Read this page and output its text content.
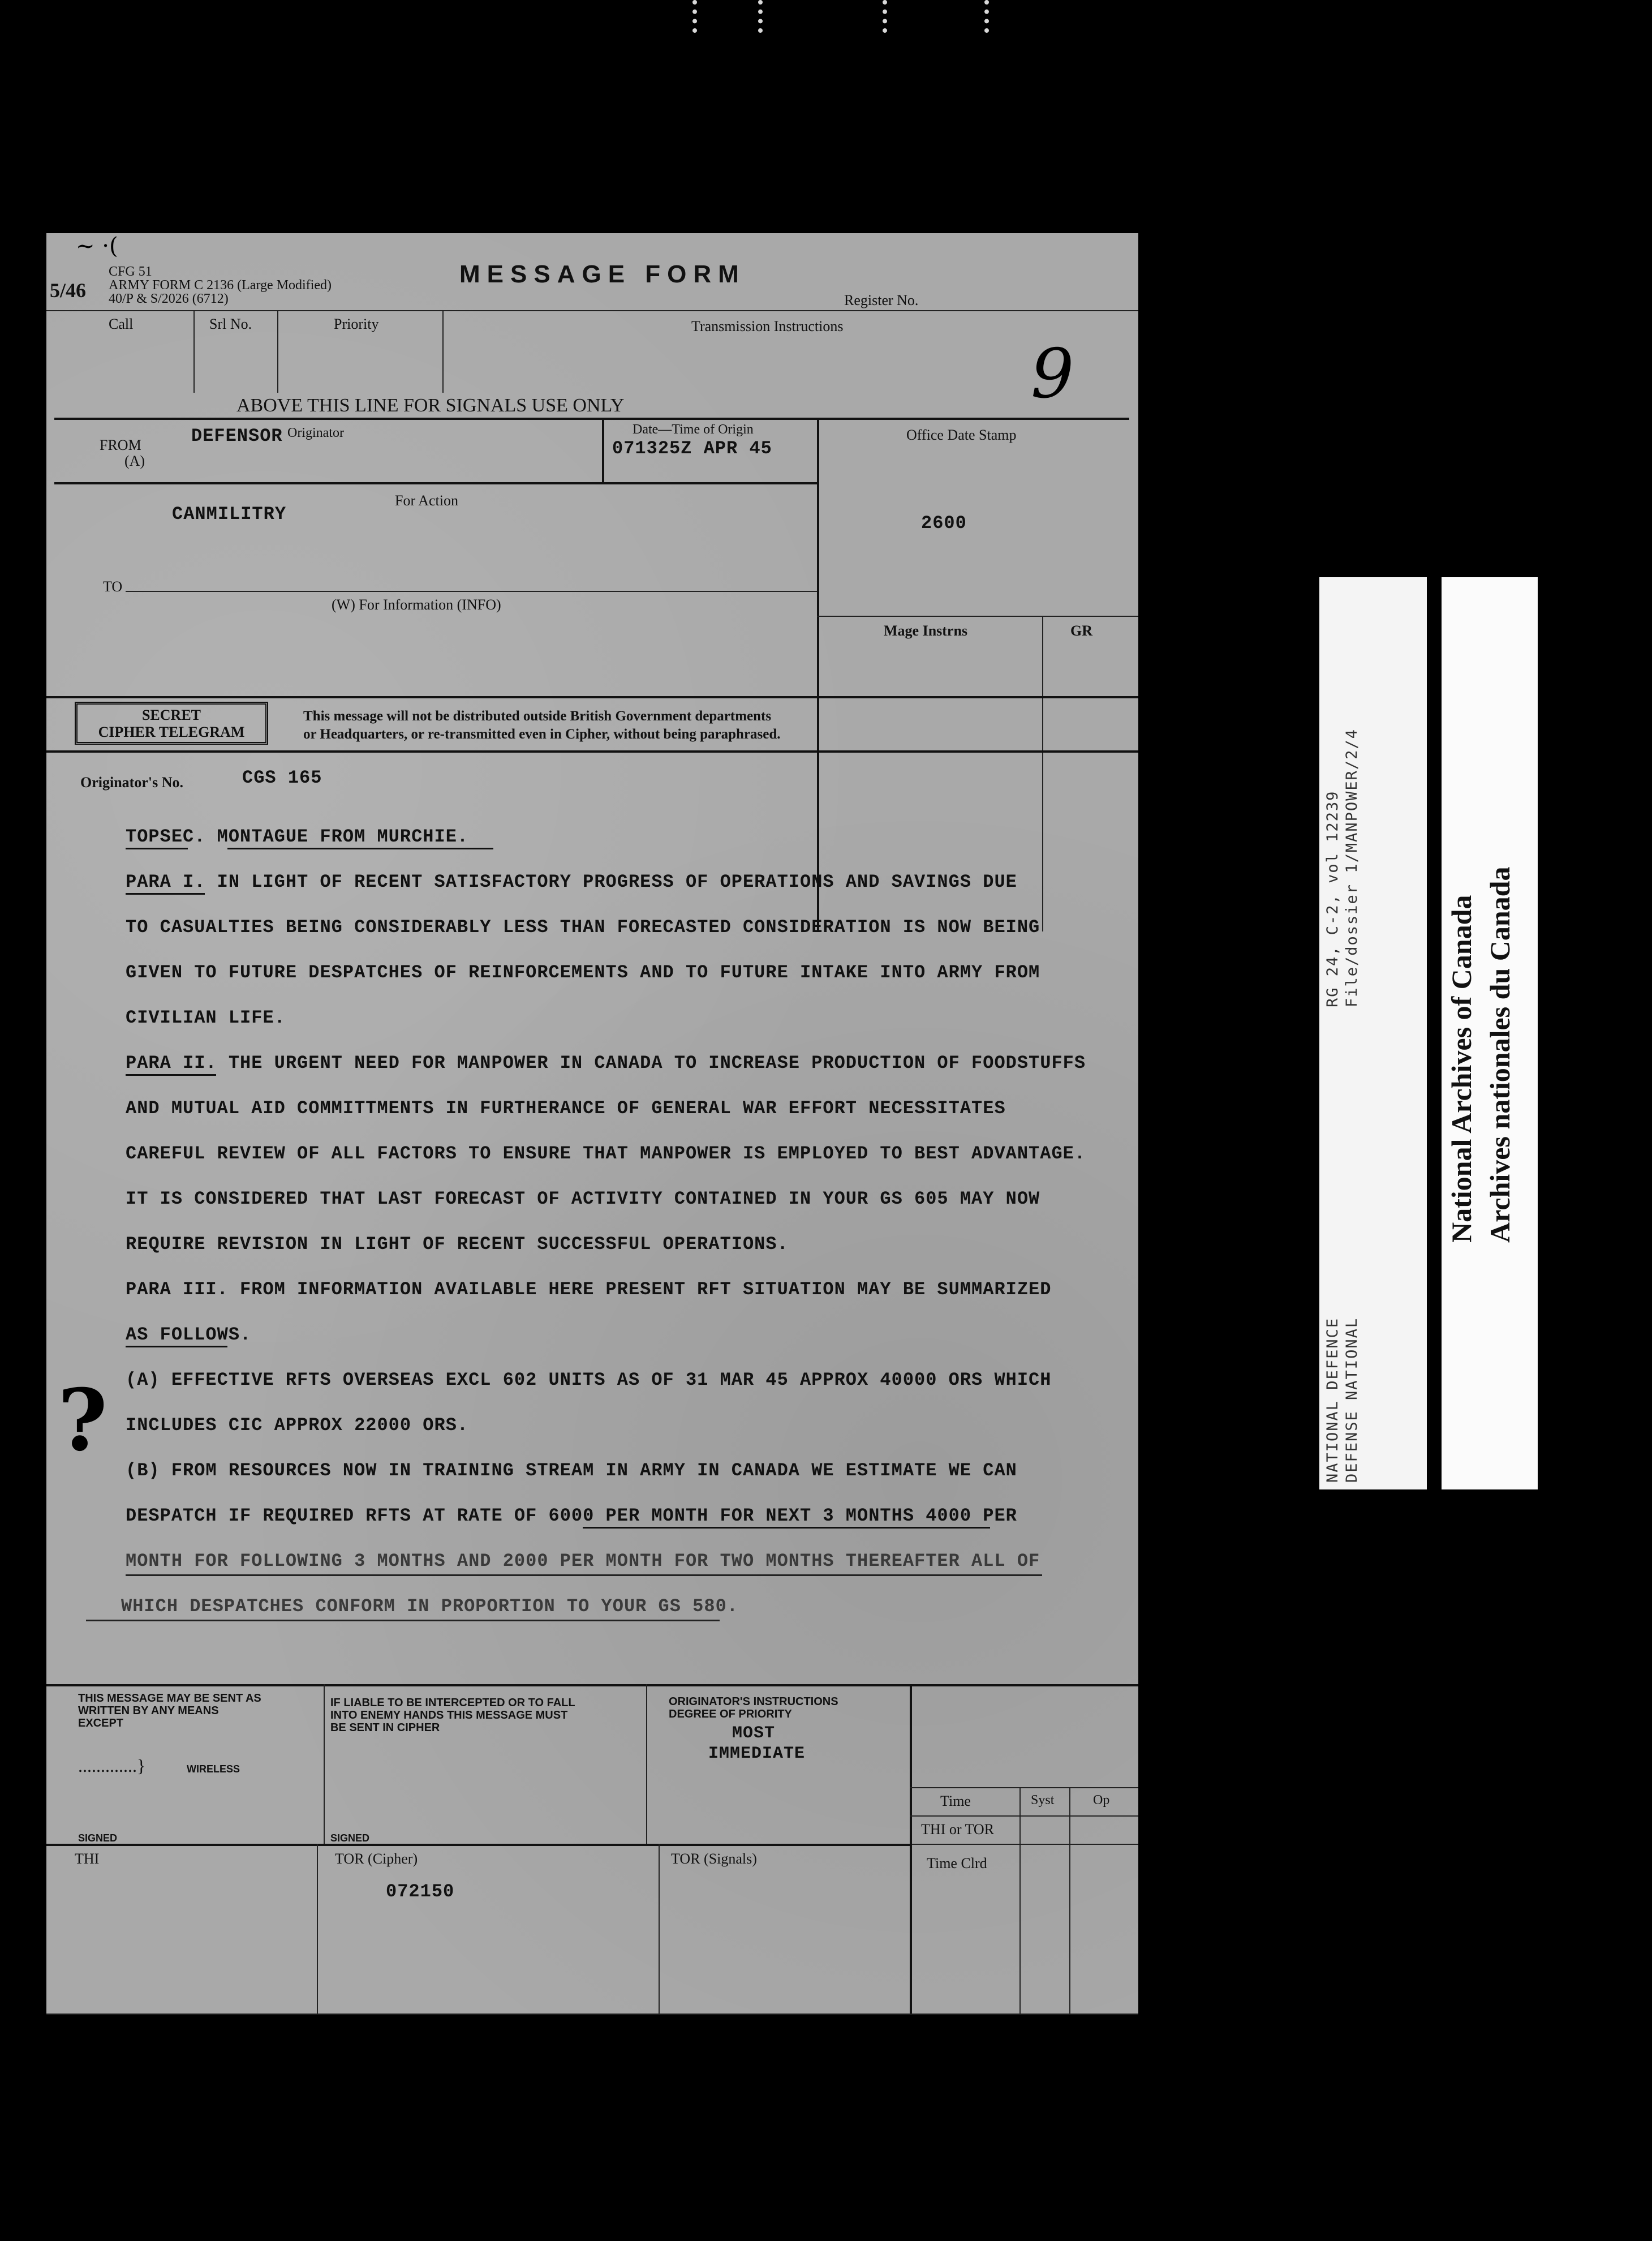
~ ·(
5/46
CFG 51
ARMY FORM C 2136 (Large Modified)
40/P & S/2026 (6712)
MESSAGE FORM
Register No.
Call	Srl No.	Priority	Transmission Instructions
9
ABOVE THIS LINE FOR SIGNALS USE ONLY
FROM
(A)
DEFENSOR Originator	Date—Time of Origin
071325Z APR 45
Office Date Stamp
2600
For Action
CANMILITRY
TO
(W) For Information (INFO)
Mage Instrns	GR
SECRET
CIPHER TELEGRAM
This message will not be distributed outside British Government departments
or Headquarters, or re-transmitted even in Cipher, without being paraphrased.
Originator's No.	CGS 165
TOPSEC. MONTAGUE FROM MURCHIE.
PARA I. IN LIGHT OF RECENT SATISFACTORY PROGRESS OF OPERATIONS AND SAVINGS DUE
TO CASUALTIES BEING CONSIDERABLY LESS THAN FORECASTED CONSIDERATION IS NOW BEING
GIVEN TO FUTURE DESPATCHES OF REINFORCEMENTS AND TO FUTURE INTAKE INTO ARMY FROM
CIVILIAN LIFE.
PARA II. THE URGENT NEED FOR MANPOWER IN CANADA TO INCREASE PRODUCTION OF FOODSTUFFS
AND MUTUAL AID COMMITTMENTS IN FURTHERANCE OF GENERAL WAR EFFORT NECESSITATES
CAREFUL REVIEW OF ALL FACTORS TO ENSURE THAT MANPOWER IS EMPLOYED TO BEST ADVANTAGE.
IT IS CONSIDERED THAT LAST FORECAST OF ACTIVITY CONTAINED IN YOUR GS 605 MAY NOW
REQUIRE REVISION IN LIGHT OF RECENT SUCCESSFUL OPERATIONS.
PARA III. FROM INFORMATION AVAILABLE HERE PRESENT RFT SITUATION MAY BE SUMMARIZED
AS FOLLOWS.
(A) EFFECTIVE RFTS OVERSEAS EXCL 602 UNITS AS OF 31 MAR 45 APPROX 40000 ORS WHICH
INCLUDES CIC APPROX 22000 ORS.
(B) FROM RESOURCES NOW IN TRAINING STREAM IN ARMY IN CANADA WE ESTIMATE WE CAN
DESPATCH IF REQUIRED RFTS AT RATE OF 6000 PER MONTH FOR NEXT 3 MONTHS 4000 PER
MONTH FOR FOLLOWING 3 MONTHS AND 2000 PER MONTH FOR TWO MONTHS THEREAFTER ALL OF
WHICH DESPATCHES CONFORM IN PROPORTION TO YOUR GS 580.
?
THIS MESSAGE MAY BE SENT AS
WRITTEN BY ANY MEANS
EXCEPT
.............}	WIRELESS
SIGNED
IF LIABLE TO BE INTERCEPTED OR TO FALL
INTO ENEMY HANDS THIS MESSAGE MUST
BE SENT IN CIPHER
SIGNED
ORIGINATOR'S INSTRUCTIONS
DEGREE OF PRIORITY
MOST
IMMEDIATE
Time	Syst	Op
THI or TOR
Time Clrd
THI	TOR (Cipher)
072150
TOR (Signals)
RG 24, C-2, vol 12239 File/dossier 1/MANPOWER/2/4
NATIONAL DEFENCE DEFENSE NATIONAL
National Archives of Canada Archives nationales du Canada
